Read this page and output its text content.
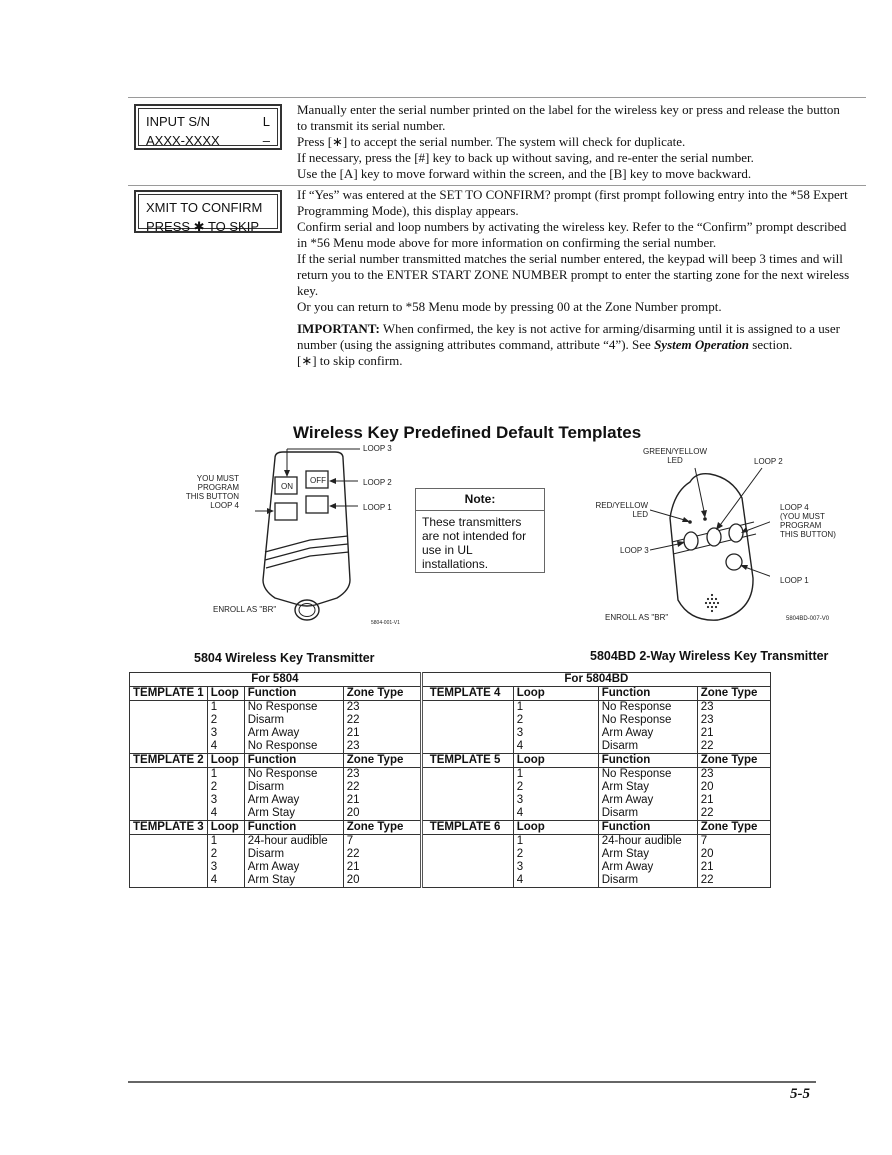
INPUT S/N	L
AXXX-XXXX	–

Manually enter the serial number printed on the label for the wireless key or press and release the button to transmit its serial number.

Press [∗] to accept the serial number. The system will check for duplicate.

If necessary, press the [#] key to back up without saving, and re-enter the serial number.

Use the [A] key to move forward within the screen, and the [B] key to move backward.

XMIT TO CONFIRM
PRESS ✱ TO SKIP

If “Yes” was entered at the SET TO CONFIRM? prompt (first prompt following entry into the *58 Expert Programming Mode), this display appears.

Confirm serial and loop numbers by activating the wireless key. Refer to the “Confirm” prompt described in *56 Menu mode above for more information on confirming the serial number.

If the serial number transmitted matches the serial number entered, the keypad will beep 3 times and will return you to the ENTER START ZONE NUMBER prompt to enter the starting zone for the next wireless key.

Or you can return to *58 Menu mode by pressing 00 at the Zone Number prompt.

IMPORTANT: When confirmed, the key is not active for arming/disarming until it is assigned to a user number (using the assigning attributes command, attribute “4”). See System Operation section.

[∗] to skip confirm.

Wireless Key Predefined Default Templates
ON
OFF
LOOP 3
LOOP 2
LOOP 1
YOU MUST
PROGRAM
THIS BUTTON
LOOP 4
ENROLL AS "BR"
5804-001-V1
5804 Wireless Key Transmitter
Note:
These transmitters
are not intended for
use in UL
installations.
GREEN/YELLOW
LED	LOOP 2
RED/YELLOW
LED
LOOP 4
(YOU MUST
PROGRAM
THIS BUTTON)
LOOP 3
LOOP 1
ENROLL AS "BR"	5804BD-007-V0
5804BD 2-Way Wireless Key Transmitter
For 5804				For 5804BD			
TEMPLATE 1	Loop	Function	Zone Type	TEMPLATE 4	Loop	Function	Zone Type
	1	No Response	23		1	No Response	23
	2	Disarm	22		2	No Response	23
	3	Arm Away	21		3	Arm Away	21
	4	No Response	23		4	Disarm	22
TEMPLATE 2	Loop	Function	Zone Type	TEMPLATE 5	Loop	Function	Zone Type
	1	No Response	23		1	No Response	23
	2	Disarm	22		2	Arm Stay	20
	3	Arm Away	21		3	Arm Away	21
	4	Arm Stay	20		4	Disarm	22
TEMPLATE 3	Loop	Function	Zone Type	TEMPLATE 6	Loop	Function	Zone Type
	1	24-hour audible	7		1	24-hour audible	7
	2	Disarm	22		2	Arm Stay	20
	3	Arm Away	21		3	Arm Away	21
	4	Arm Stay	20		4	Disarm	22
5-5
